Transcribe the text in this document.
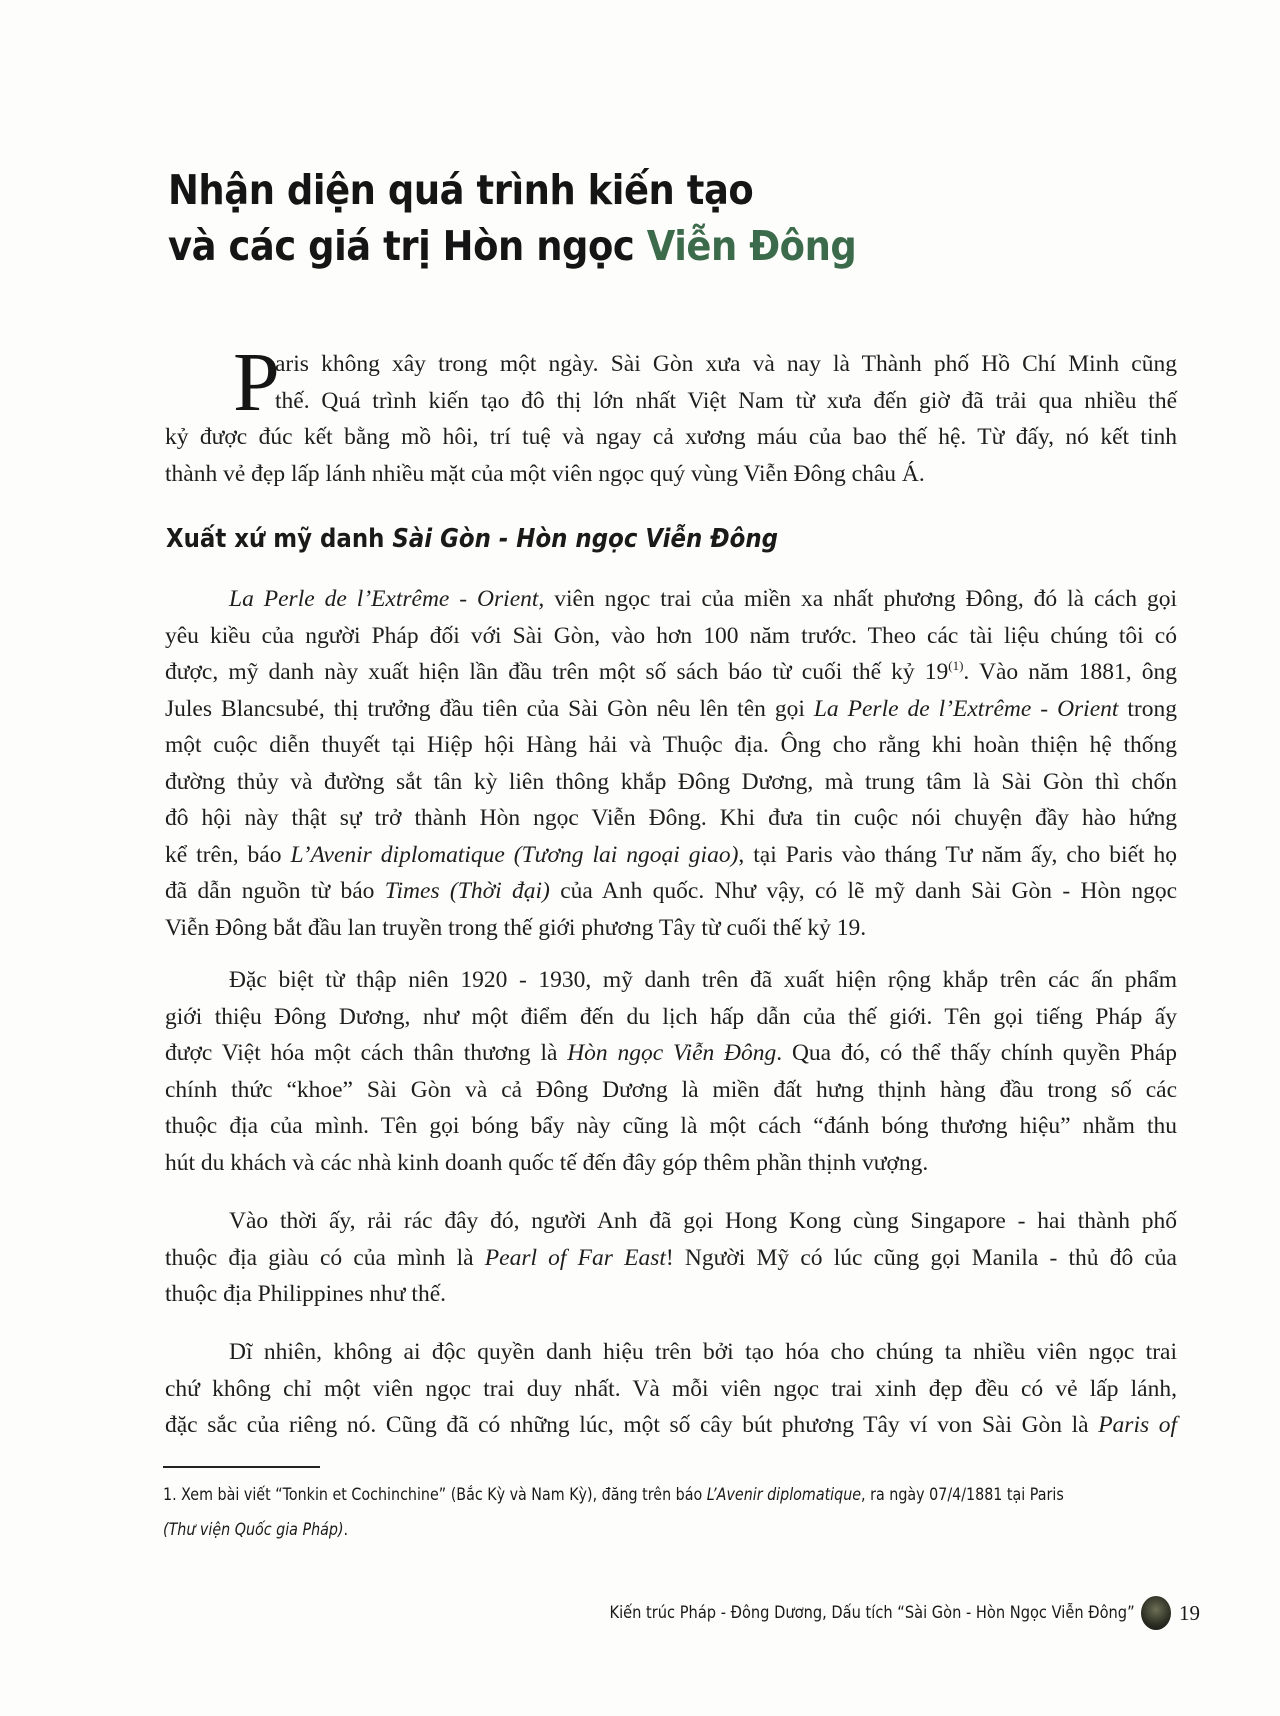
Nhận diện quá trình kiến tạo
và các giá trị Hòn ngọc Viễn Đông
P
aris không xây trong một ngày. Sài Gòn xưa và nay là Thành phố Hồ Chí Minh cũng
thế. Quá trình kiến tạo đô thị lớn nhất Việt Nam từ xưa đến giờ đã trải qua nhiều thế
kỷ được đúc kết bằng mồ hôi, trí tuệ và ngay cả xương máu của bao thế hệ. Từ đấy, nó kết tinh
thành vẻ đẹp lấp lánh nhiều mặt của một viên ngọc quý vùng Viễn Đông châu Á.
Xuất xứ mỹ danh Sài Gòn - Hòn ngọc Viễn Đông
La Perle de l’Extrême - Orient, viên ngọc trai của miền xa nhất phương Đông, đó là cách gọi
yêu kiều của người Pháp đối với Sài Gòn, vào hơn 100 năm trước. Theo các tài liệu chúng tôi có
được, mỹ danh này xuất hiện lần đầu trên một số sách báo từ cuối thế kỷ 19$^{(1)}$. Vào năm 1881, ông
Jules Blancsubé, thị trưởng đầu tiên của Sài Gòn nêu lên tên gọi La Perle de l’Extrême - Orient trong
một cuộc diễn thuyết tại Hiệp hội Hàng hải và Thuộc địa. Ông cho rằng khi hoàn thiện hệ thống
đường thủy và đường sắt tân kỳ liên thông khắp Đông Dương, mà trung tâm là Sài Gòn thì chốn
đô hội này thật sự trở thành Hòn ngọc Viễn Đông. Khi đưa tin cuộc nói chuyện đầy hào hứng
kể trên, báo L’Avenir diplomatique (Tương lai ngoại giao), tại Paris vào tháng Tư năm ấy, cho biết họ
đã dẫn nguồn từ báo Times (Thời đại) của Anh quốc. Như vậy, có lẽ mỹ danh Sài Gòn - Hòn ngọc
Viễn Đông bắt đầu lan truyền trong thế giới phương Tây từ cuối thế kỷ 19.
Đặc biệt từ thập niên 1920 - 1930, mỹ danh trên đã xuất hiện rộng khắp trên các ấn phẩm
giới thiệu Đông Dương, như một điểm đến du lịch hấp dẫn của thế giới. Tên gọi tiếng Pháp ấy
được Việt hóa một cách thân thương là Hòn ngọc Viễn Đông. Qua đó, có thể thấy chính quyền Pháp
chính thức “khoe” Sài Gòn và cả Đông Dương là miền đất hưng thịnh hàng đầu trong số các
thuộc địa của mình. Tên gọi bóng bẩy này cũng là một cách “đánh bóng thương hiệu” nhằm thu
hút du khách và các nhà kinh doanh quốc tế đến đây góp thêm phần thịnh vượng.
Vào thời ấy, rải rác đây đó, người Anh đã gọi Hong Kong cùng Singapore - hai thành phố
thuộc địa giàu có của mình là Pearl of Far East! Người Mỹ có lúc cũng gọi Manila - thủ đô của
thuộc địa Philippines như thế.
Dĩ nhiên, không ai độc quyền danh hiệu trên bởi tạo hóa cho chúng ta nhiều viên ngọc trai
chứ không chỉ một viên ngọc trai duy nhất. Và mỗi viên ngọc trai xinh đẹp đều có vẻ lấp lánh,
đặc sắc của riêng nó. Cũng đã có những lúc, một số cây bút phương Tây ví von Sài Gòn là Paris of
1. Xem bài viết “Tonkin et Cochinchine” (Bắc Kỳ và Nam Kỳ), đăng trên báo L’Avenir diplomatique, ra ngày 07/4/1881 tại Paris
(Thư viện Quốc gia Pháp).
Kiến trúc Pháp - Đông Dương, Dấu tích “Sài Gòn - Hòn Ngọc Viễn Đông” 19
